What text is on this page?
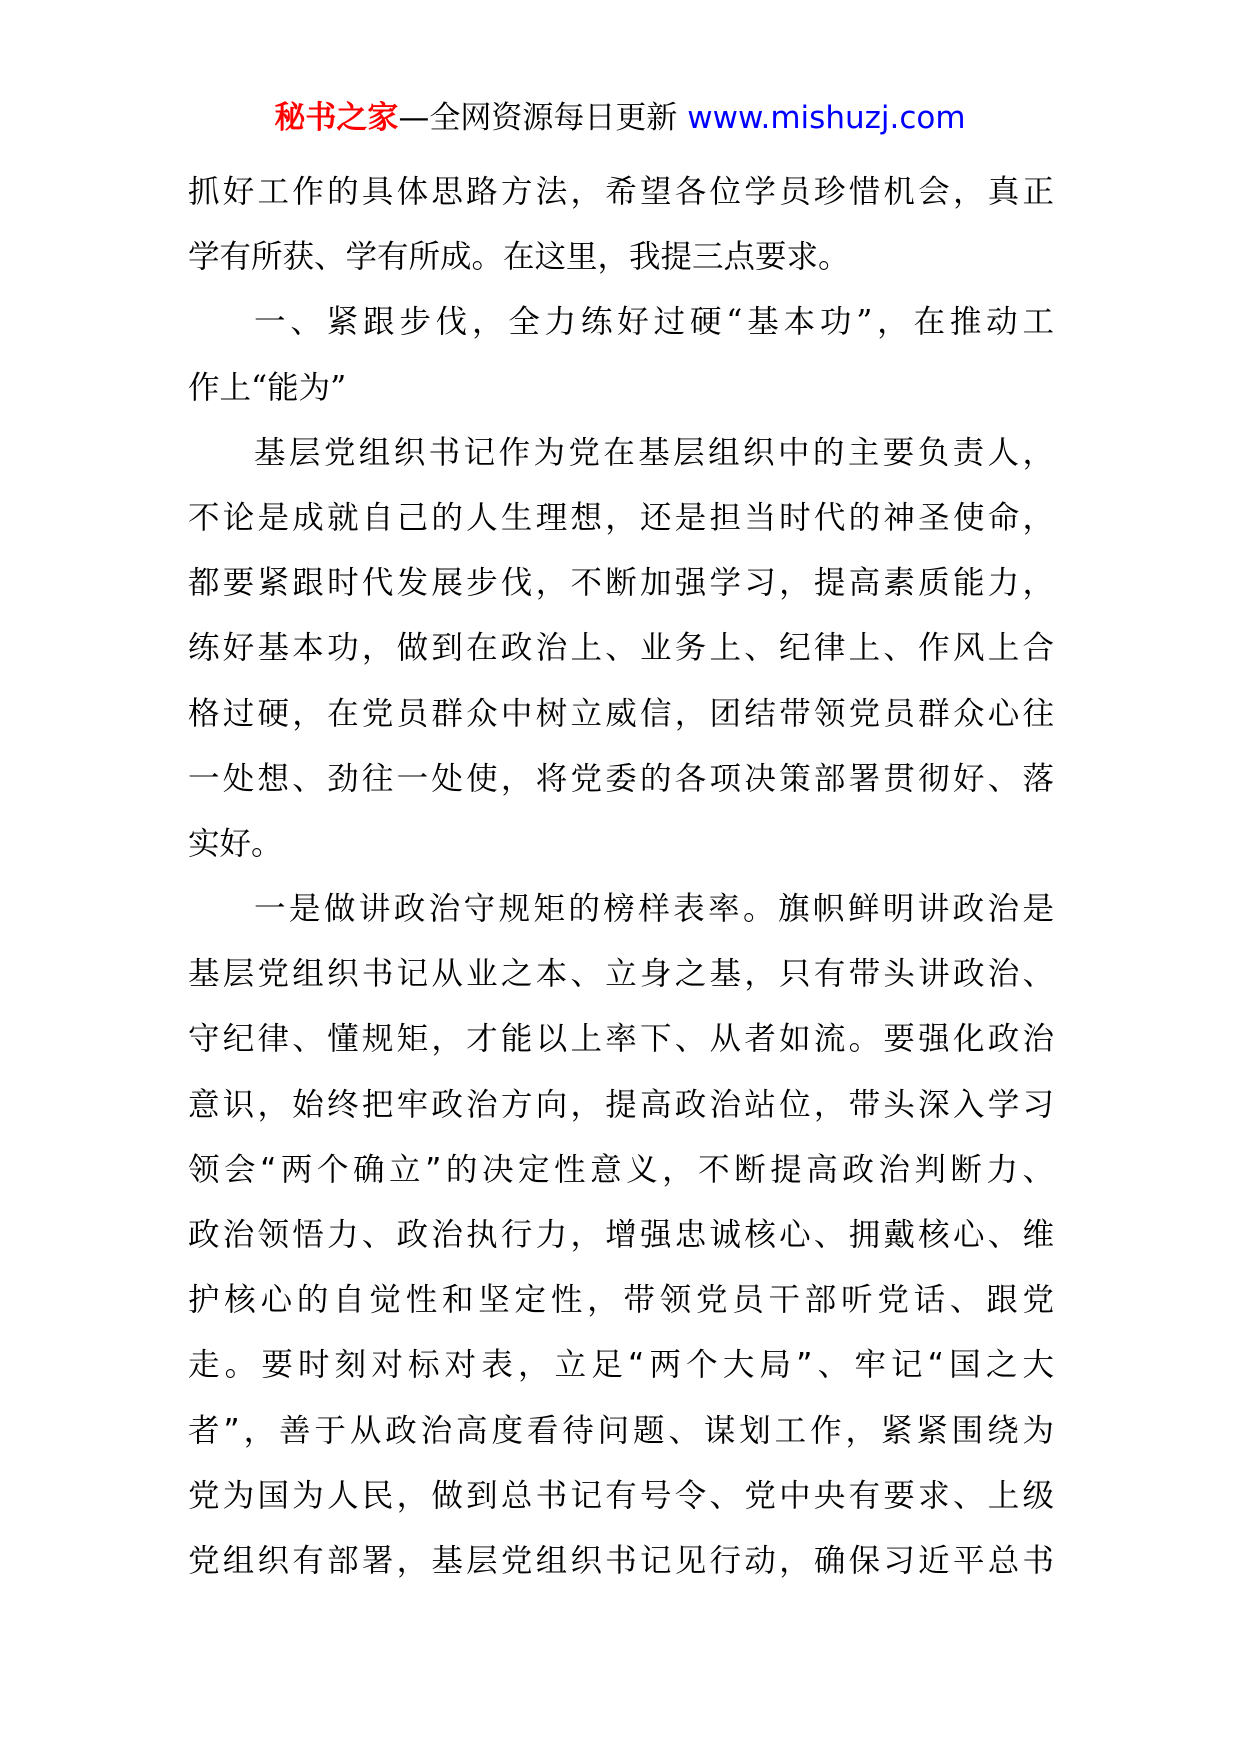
秘书之家—全网资源每日更新 www.mishuzj.com
抓好工作的具体思路方法，希望各位学员珍惜机会，真正
学有所获、学有所成。在这里，我提三点要求。
一、紧跟步伐，全力练好过硬“基本功”，在推动工
作上“能为”
基层党组织书记作为党在基层组织中的主要负责人，
不论是成就自己的人生理想，还是担当时代的神圣使命，
都要紧跟时代发展步伐，不断加强学习，提高素质能力，
练好基本功，做到在政治上、业务上、纪律上、作风上合
格过硬，在党员群众中树立威信，团结带领党员群众心往
一处想、劲往一处使，将党委的各项决策部署贯彻好、落
实好。
一是做讲政治守规矩的榜样表率。旗帜鲜明讲政治是
基层党组织书记从业之本、立身之基，只有带头讲政治、
守纪律、懂规矩，才能以上率下、从者如流。要强化政治
意识，始终把牢政治方向，提高政治站位，带头深入学习
领会“两个确立”的决定性意义，不断提高政治判断力、
政治领悟力、政治执行力，增强忠诚核心、拥戴核心、维
护核心的自觉性和坚定性，带领党员干部听党话、跟党
走。要时刻对标对表，立足“两个大局”、牢记“国之大
者”，善于从政治高度看待问题、谋划工作，紧紧围绕为
党为国为人民，做到总书记有号令、党中央有要求、上级
党组织有部署，基层党组织书记见行动，确保习近平总书
